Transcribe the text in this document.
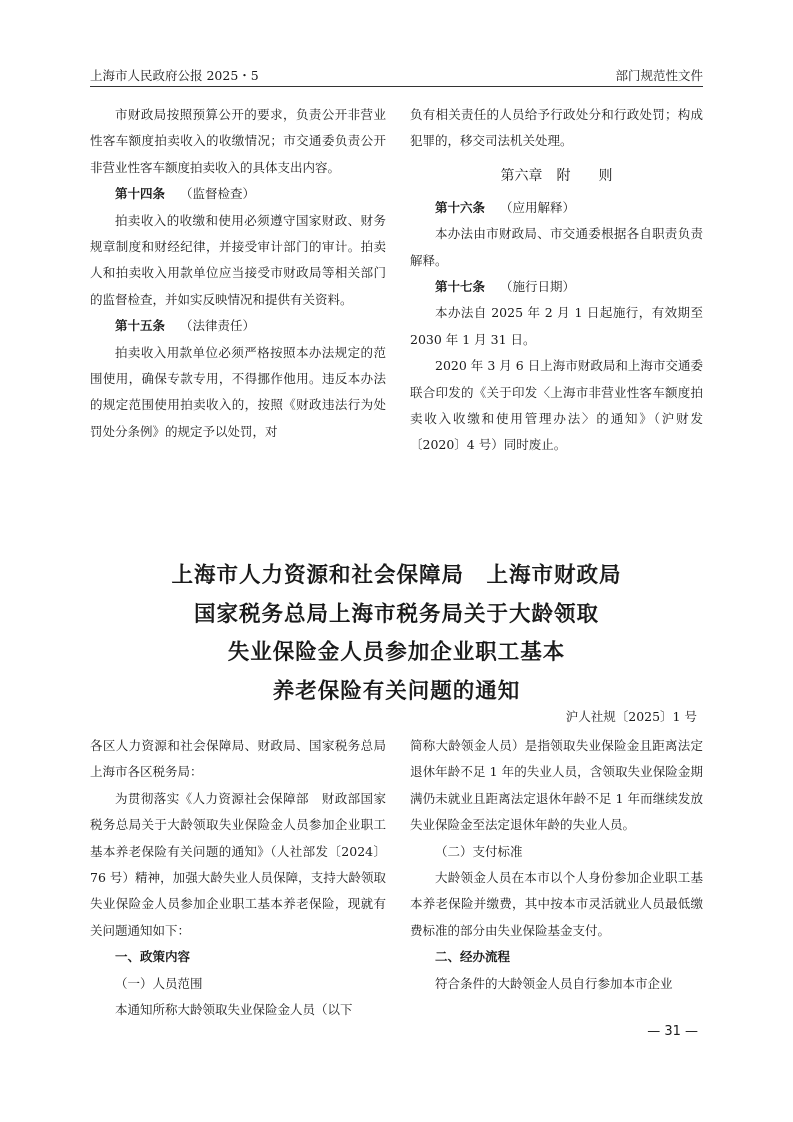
上海市人民政府公报 2025・5	部门规范性文件

市财政局按照预算公开的要求，负责公开非营业性客车额度拍卖收入的收缴情况；市交通委负责公开非营业性客车额度拍卖收入的具体支出内容。

第十四条 （监督检查）

拍卖收入的收缴和使用必须遵守国家财政、财务规章制度和财经纪律，并接受审计部门的审计。拍卖人和拍卖收入用款单位应当接受市财政局等相关部门的监督检查，并如实反映情况和提供有关资料。

第十五条 （法律责任）

拍卖收入用款单位必须严格按照本办法规定的范围使用，确保专款专用，不得挪作他用。违反本办法的规定范围使用拍卖收入的，按照《财政违法行为处罚处分条例》的规定予以处罚，对

负有相关责任的人员给予行政处分和行政处罚；构成犯罪的，移交司法机关处理。

第六章　附　　则

第十六条 （应用解释）

本办法由市财政局、市交通委根据各自职责负责解释。

第十七条 （施行日期）

本办法自 2025 年 2 月 1 日起施行，有效期至 2030 年 1 月 31 日。

2020 年 3 月 6 日上海市财政局和上海市交通委联合印发的《关于印发〈上海市非营业性客车额度拍卖收入收缴和使用管理办法〉的通知》（沪财发〔2020〕4 号）同时废止。

上海市人力资源和社会保障局　上海市财政局
国家税务总局上海市税务局关于大龄领取
失业保险金人员参加企业职工基本
养老保险有关问题的通知
沪人社规〔2025〕1 号

各区人力资源和社会保障局、财政局、国家税务总局上海市各区税务局：

为贯彻落实《人力资源社会保障部　财政部国家税务总局关于大龄领取失业保险金人员参加企业职工基本养老保险有关问题的通知》（人社部发〔2024〕76 号）精神，加强大龄失业人员保障，支持大龄领取失业保险金人员参加企业职工基本养老保险，现就有关问题通知如下：

一、政策内容

（一）人员范围

本通知所称大龄领取失业保险金人员（以下

简称大龄领金人员）是指领取失业保险金且距离法定退休年龄不足 1 年的失业人员，含领取失业保险金期满仍未就业且距离法定退休年龄不足 1 年而继续发放失业保险金至法定退休年龄的失业人员。

（二）支付标准

大龄领金人员在本市以个人身份参加企业职工基本养老保险并缴费，其中按本市灵活就业人员最低缴费标准的部分由失业保险基金支付。

二、经办流程

符合条件的大龄领金人员自行参加本市企业

— 31 —
